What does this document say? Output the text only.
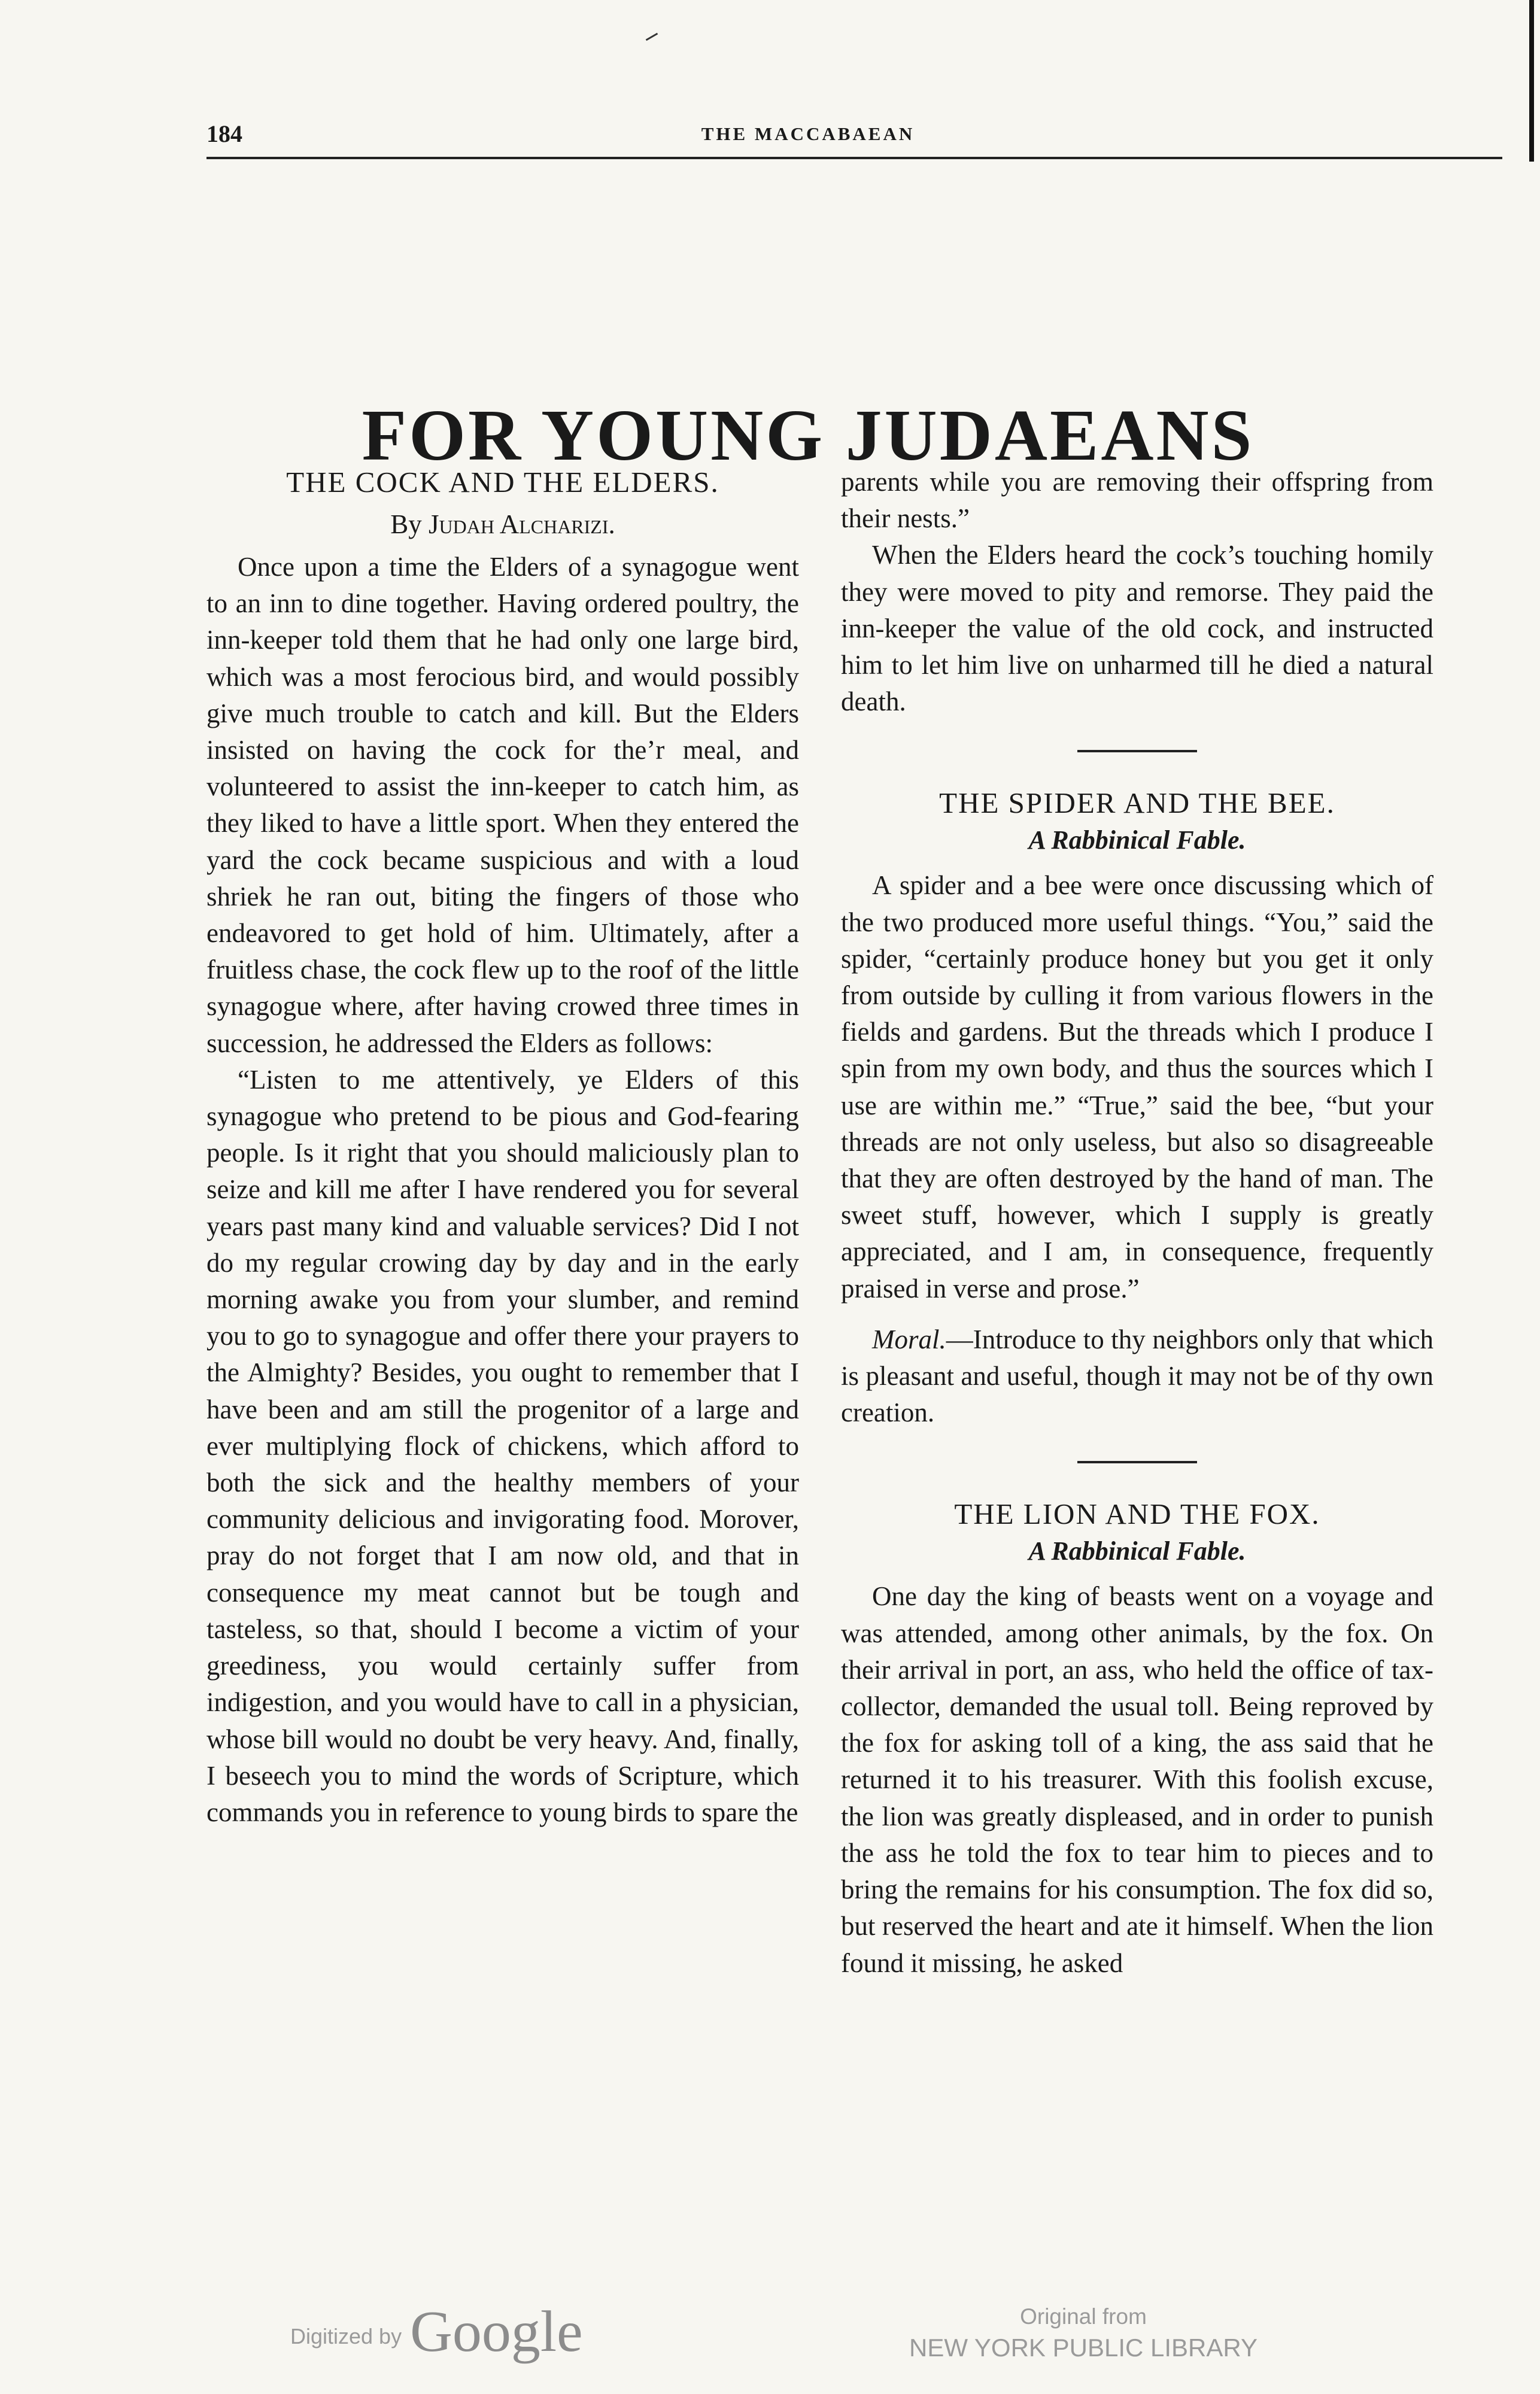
184	THE MACCABAEAN
FOR YOUNG JUDAEANS
THE COCK AND THE ELDERS.
By Judah Alcharizi.

Once upon a time the Elders of a synagogue went to an inn to dine together. Having ordered poultry, the inn-keeper told them that he had only one large bird, which was a most ferocious bird, and would possibly give much trouble to catch and kill. But the Elders insisted on having the cock for the’r meal, and volunteered to assist the inn-keeper to catch him, as they liked to have a little sport. When they entered the yard the cock became suspicious and with a loud shriek he ran out, biting the fingers of those who endeavored to get hold of him. Ultimately, after a fruitless chase, the cock flew up to the roof of the little synagogue where, after having crowed three times in succession, he addressed the Elders as follows:

“Listen to me attentively, ye Elders of this synagogue who pretend to be pious and God-fearing people. Is it right that you should maliciously plan to seize and kill me after I have rendered you for several years past many kind and valuable services? Did I not do my regular crowing day by day and in the early morning awake you from your slumber, and remind you to go to synagogue and offer there your prayers to the Almighty? Besides, you ought to remember that I have been and am still the progenitor of a large and ever multiplying flock of chickens, which afford to both the sick and the healthy members of your community delicious and invigorating food. Morover, pray do not forget that I am now old, and that in consequence my meat cannot but be tough and tasteless, so that, should I become a victim of your greediness, you would certainly suffer from indigestion, and you would have to call in a physician, whose bill would no doubt be very heavy. And, finally, I beseech you to mind the words of Scripture, which commands you in reference to young birds to spare the

parents while you are removing their offspring from their nests.”

When the Elders heard the cock’s touching homily they were moved to pity and remorse. They paid the inn-keeper the value of the old cock, and instructed him to let him live on unharmed till he died a natural death.

THE SPIDER AND THE BEE.
A Rabbinical Fable.

A spider and a bee were once discussing which of the two produced more useful things. “You,” said the spider, “certainly produce honey but you get it only from outside by culling it from various flowers in the fields and gardens. But the threads which I produce I spin from my own body, and thus the sources which I use are within me.” “True,” said the bee, “but your threads are not only useless, but also so disagreeable that they are often destroyed by the hand of man. The sweet stuff, however, which I supply is greatly appreciated, and I am, in consequence, frequently praised in verse and prose.”

Moral.—Introduce to thy neighbors only that which is pleasant and useful, though it may not be of thy own creation.

THE LION AND THE FOX.
A Rabbinical Fable.

One day the king of beasts went on a voyage and was attended, among other animals, by the fox. On their arrival in port, an ass, who held the office of tax-collector, demanded the usual toll. Being reproved by the fox for asking toll of a king, the ass said that he returned it to his treasurer. With this foolish excuse, the lion was greatly displeased, and in order to punish the ass he told the fox to tear him to pieces and to bring the remains for his consumption. The fox did so, but reserved the heart and ate it himself. When the lion found it missing, he asked

Digitized by Google	Original from
NEW YORK PUBLIC LIBRARY
